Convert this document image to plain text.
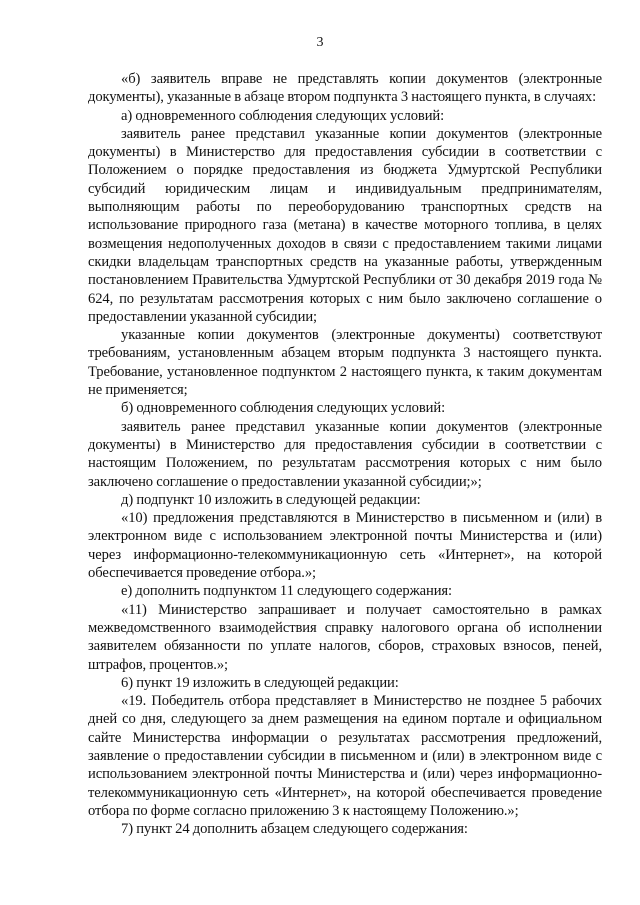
3

«б) заявитель вправе не представлять копии документов (электронные документы), указанные в абзаце втором подпункта 3 настоящего пункта, в случаях:

а) одновременного соблюдения следующих условий:

заявитель ранее представил указанные копии документов (электронные документы) в Министерство для предоставления субсидии в соответствии с Положением о порядке предоставления из бюджета Удмуртской Республики субсидий юридическим лицам и индивидуальным предпринимателям, выполняющим работы по переоборудованию транспортных средств на использование природного газа (метана) в качестве моторного топлива, в целях возмещения недополученных доходов в связи с предоставлением такими лицами скидки владельцам транспортных средств на указанные работы, утвержденным постановлением Правительства Удмуртской Республики от 30 декабря 2019 года № 624, по результатам рассмотрения которых с ним было заключено соглашение о предоставлении указанной субсидии;

указанные копии документов (электронные документы) соответствуют требованиям, установленным абзацем вторым подпункта 3 настоящего пункта. Требование, установленное подпунктом 2 настоящего пункта, к таким документам не применяется;

б) одновременного соблюдения следующих условий:

заявитель ранее представил указанные копии документов (электронные документы) в Министерство для предоставления субсидии в соответствии с настоящим Положением, по результатам рассмотрения которых с ним было заключено соглашение о предоставлении указанной субсидии;»;

д) подпункт 10 изложить в следующей редакции:

«10) предложения представляются в Министерство в письменном и (или) в электронном виде с использованием электронной почты Министерства и (или) через информационно-телекоммуникационную сеть «Интернет», на которой обеспечивается проведение отбора.»;

е) дополнить подпунктом 11 следующего содержания:

«11) Министерство запрашивает и получает самостоятельно в рамках межведомственного взаимодействия справку налогового органа об исполнении заявителем обязанности по уплате налогов, сборов, страховых взносов, пеней, штрафов, процентов.»;

6) пункт 19 изложить в следующей редакции:

«19. Победитель отбора представляет в Министерство не позднее 5 рабочих дней со дня, следующего за днем размещения на едином портале и официальном сайте Министерства информации о результатах рассмотрения предложений, заявление о предоставлении субсидии в письменном и (или) в электронном виде с использованием электронной почты Министерства и (или) через информационно-телекоммуникационную сеть «Интернет», на которой обеспечивается проведение отбора по форме согласно приложению 3 к настоящему Положению.»;

7) пункт 24 дополнить абзацем следующего содержания:
